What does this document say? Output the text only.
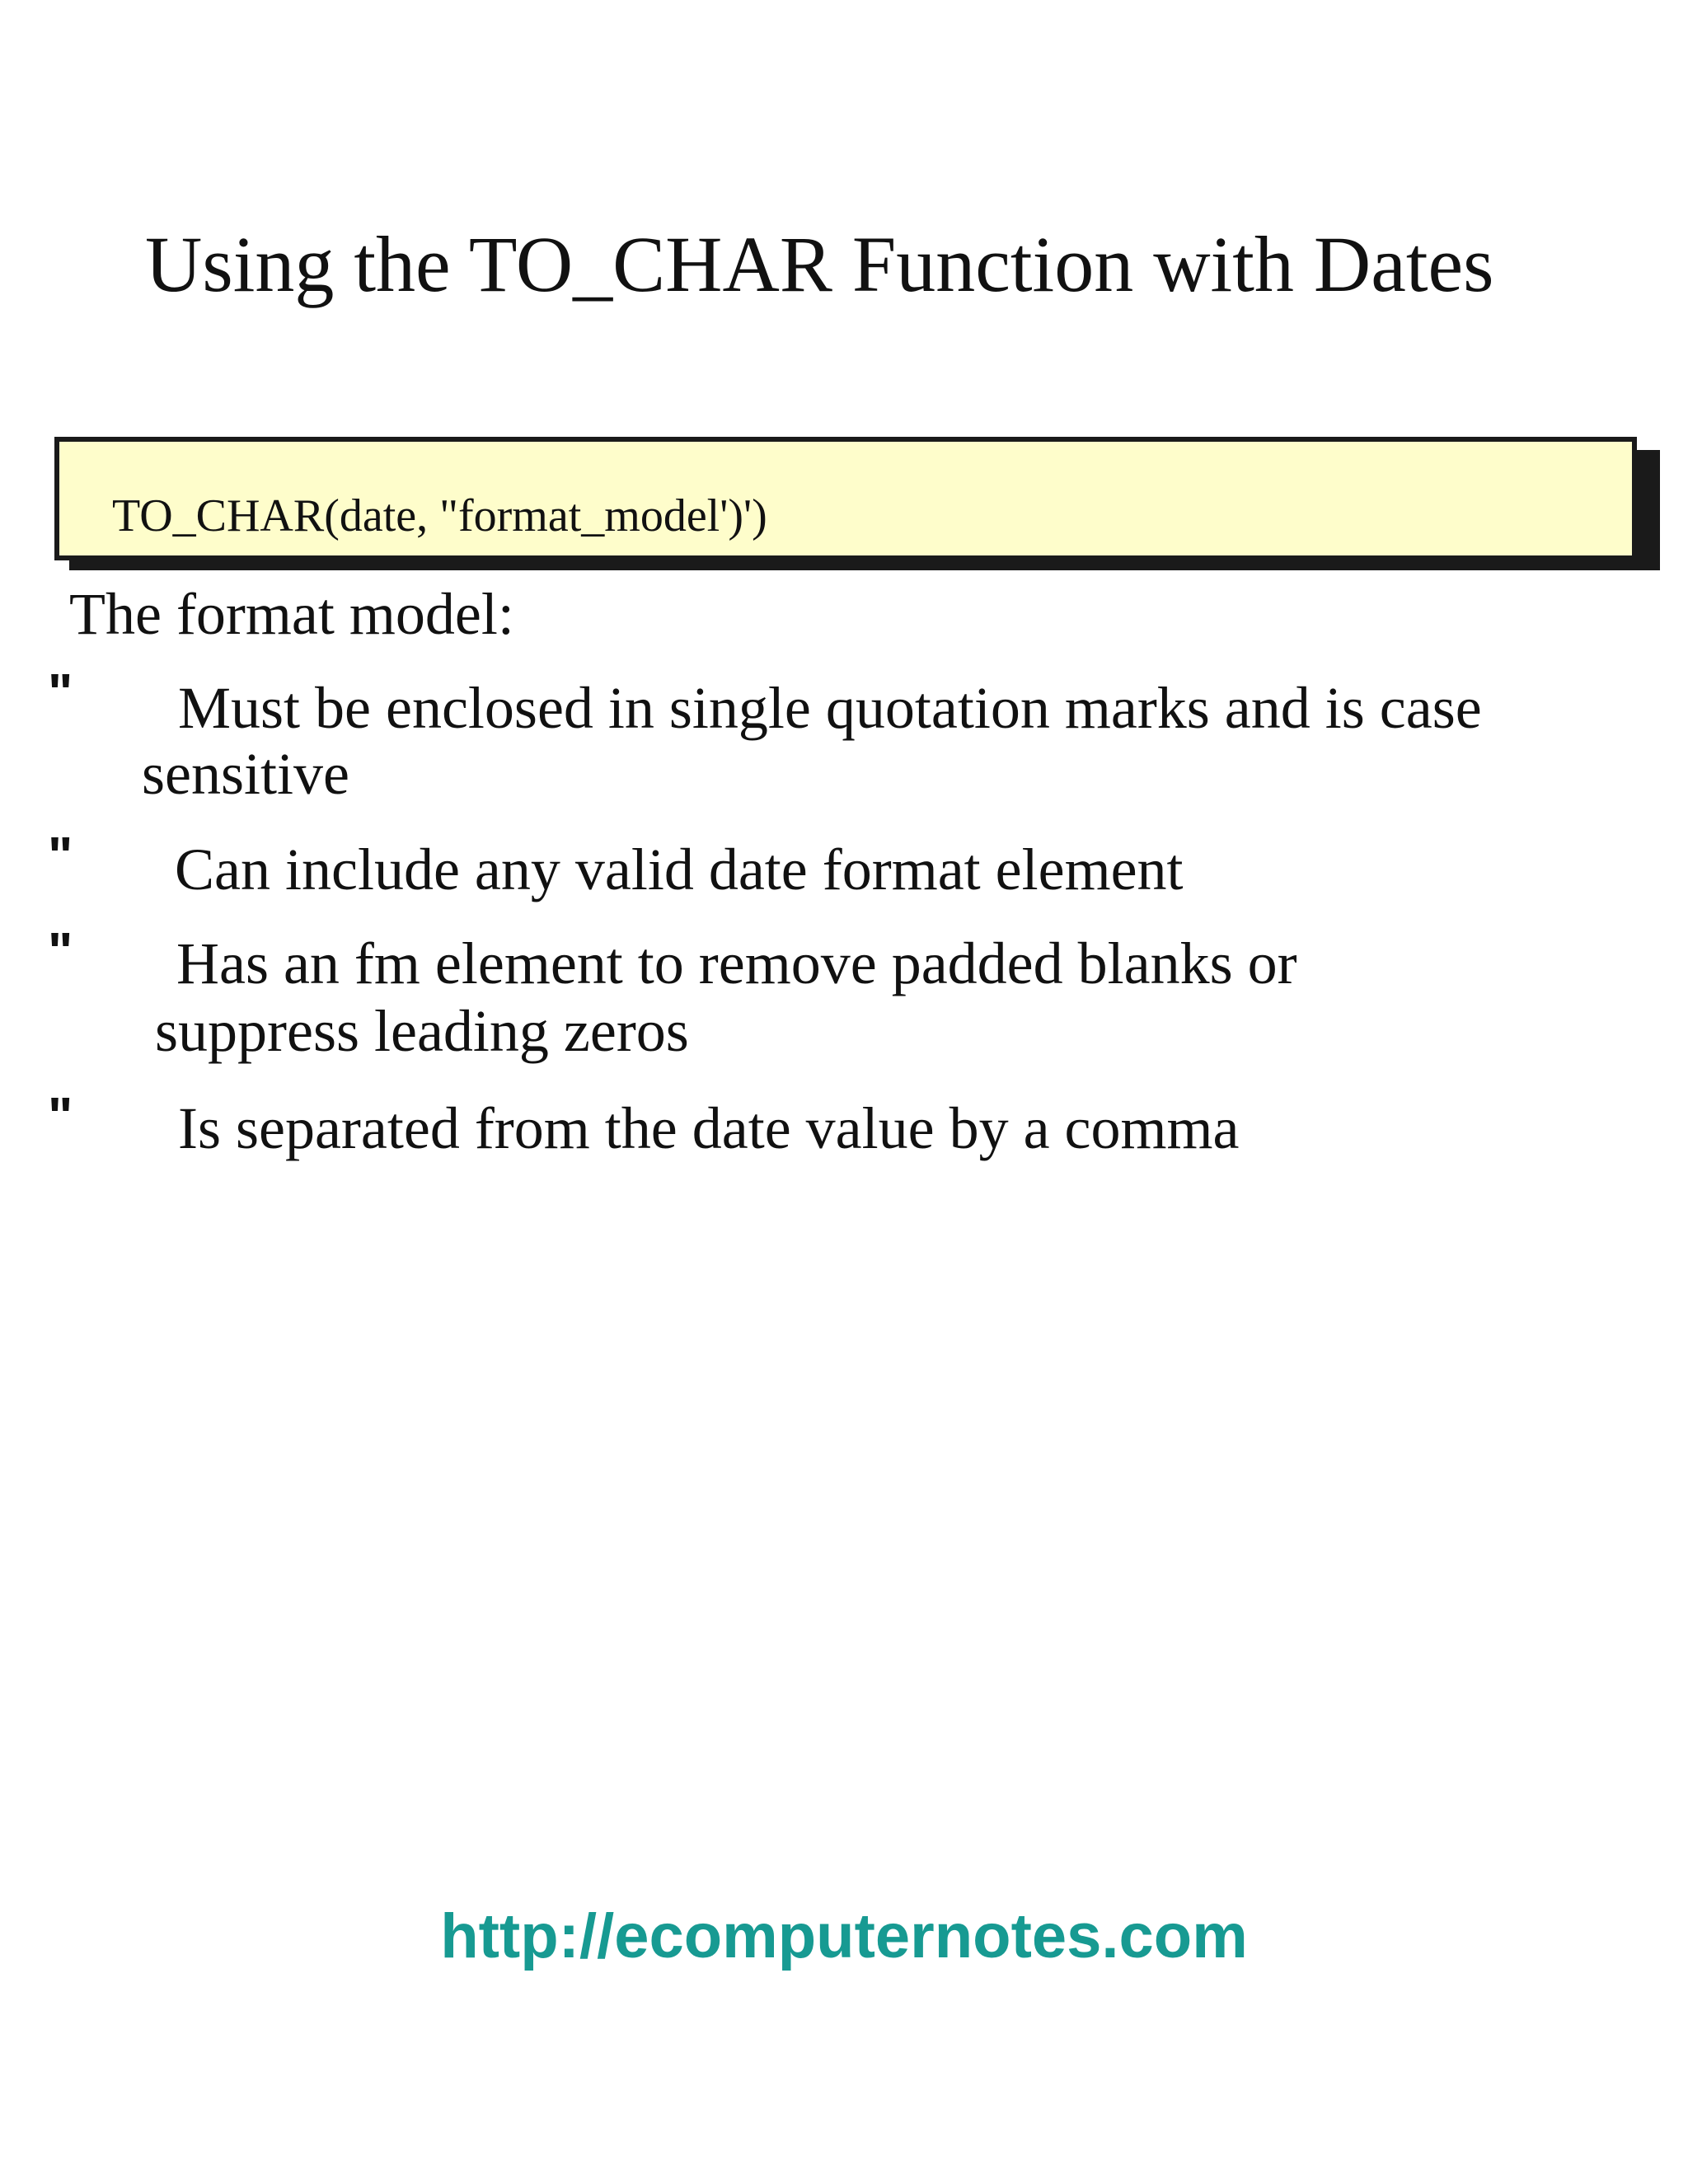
Using the TO_CHAR Function with Dates
TO_CHAR(date, "format_model')')
The format model:
" Must be enclosed in single quotation marks and is case
sensitive
" Can include any valid date format element
" Has an fm element to remove padded blanks or
suppress leading zeros
" Is separated from the date value by a comma
http://ecomputernotes.com
